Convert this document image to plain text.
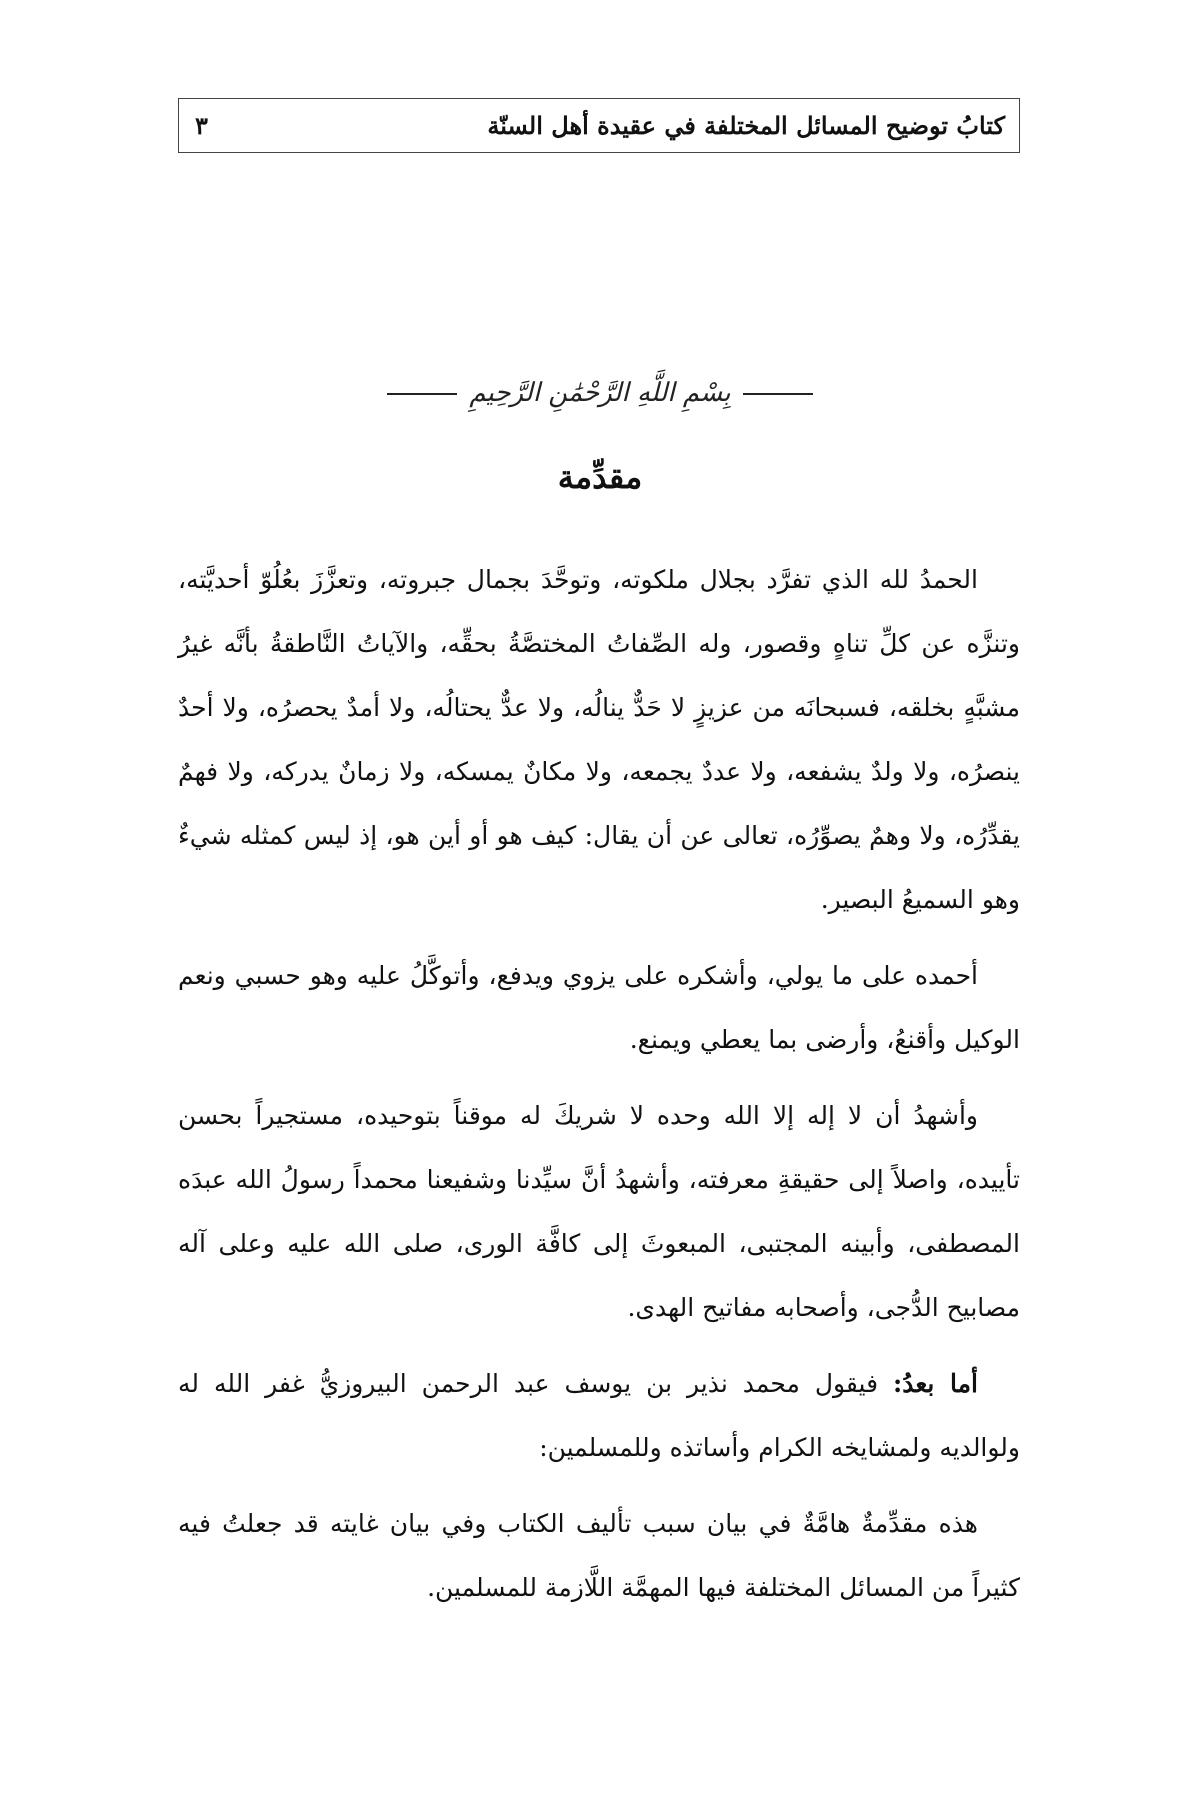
كتابُ توضيح المسائل المختلفة في عقيدة أهل السنّة
٣
بِسْمِ اللَّهِ الرَّحْمَٰنِ الرَّحِيمِ
مقدِّمة

الحمدُ لله الذي تفرَّد بجلال ملكوته، وتوحَّدَ بجمال جبروته، وتعزَّزَ بعُلُوّ أحديَّته، وتنزَّه عن كلِّ تناهٍ وقصور، وله الصِّفاتُ المختصَّةُ بحقِّه، والآياتُ النَّاطقةُ بأنَّه غيرُ مشبَّهٍ بخلقه، فسبحانَه من عزيزٍ لا حَدٌّ ينالُه، ولا عدٌّ يحتالُه، ولا أمدٌ يحصرُه، ولا أحدٌ ينصرُه، ولا ولدٌ يشفعه، ولا عددٌ يجمعه، ولا مكانٌ يمسكه، ولا زمانٌ يدركه، ولا فهمٌ يقدِّرُه، ولا وهمٌ يصوِّرُه، تعالى عن أن يقال: كيف هو أو أين هو، إذ ليس كمثله شيءٌ وهو السميعُ البصير.

أحمده على ما يولي، وأشكره على يزوي ويدفع، وأتوكَّلُ عليه وهو حسبي ونعم الوكيل وأقنعُ، وأرضى بما يعطي ويمنع.

وأشهدُ أن لا إله إلا الله وحده لا شريكَ له موقناً بتوحيده، مستجيراً بحسن تأييده، واصلاً إلى حقيقةِ معرفته، وأشهدُ أنَّ سيِّدنا وشفيعنا محمداً رسولُ الله عبدَه المصطفى، وأبينه المجتبى، المبعوثَ إلى كافَّة الورى، صلى الله عليه وعلى آله مصابيح الدُّجى، وأصحابه مفاتيح الهدى.

أما بعدُ: فيقول محمد نذير بن يوسف عبد الرحمن البيروزيُّ غفر الله له ولوالديه ولمشايخه الكرام وأساتذه وللمسلمين:

هذه مقدِّمةٌ هامَّةٌ في بيان سبب تأليف الكتاب وفي بيان غايته قد جعلتُ فيه كثيراً من المسائل المختلفة فيها المهمَّة اللَّازمة للمسلمين.
